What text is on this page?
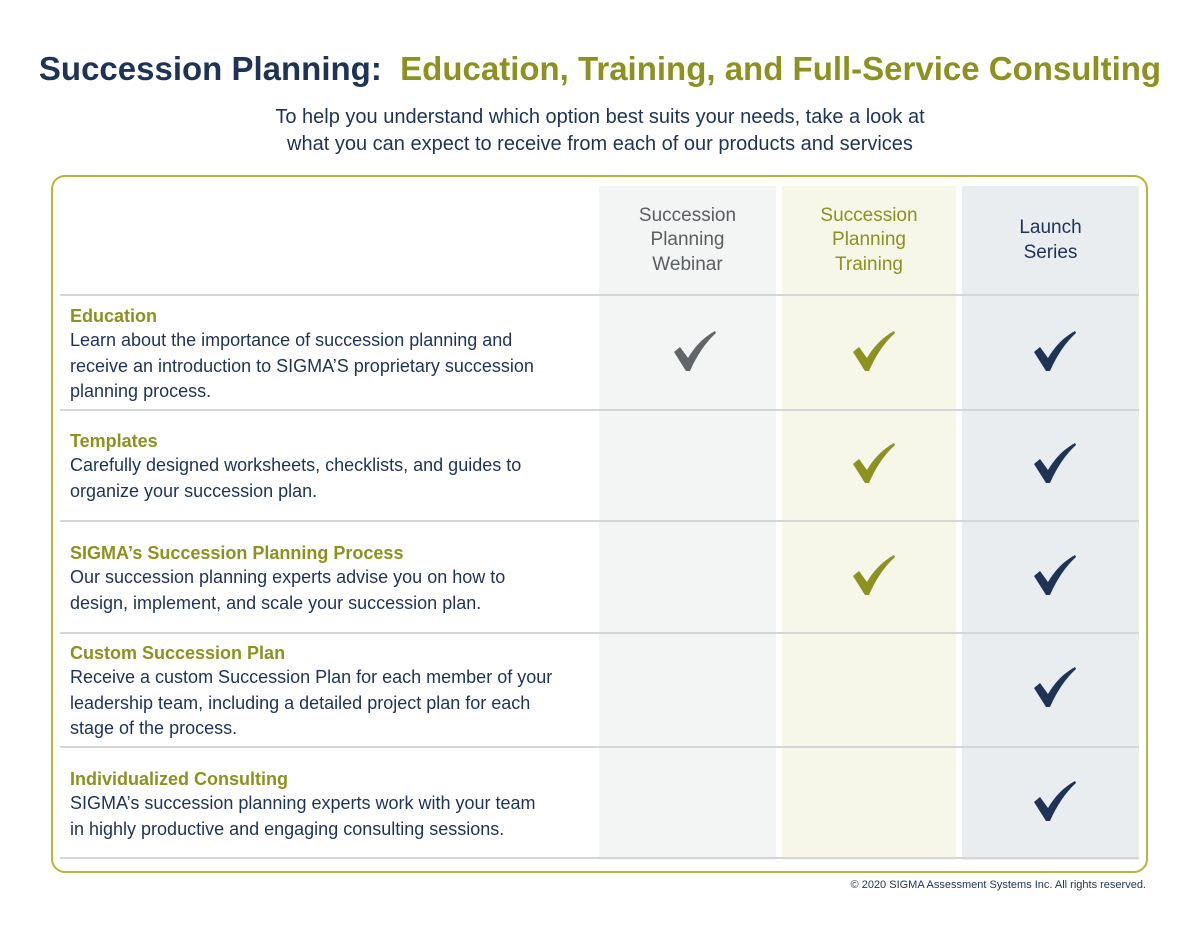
Succession Planning: Education, Training, and Full-Service Consulting
To help you understand which option best suits your needs, take a look at
what you can expect to receive from each of our products and services
Succession
Planning
Webinar
Succession
Planning
Training
Launch
Series
Education
Learn about the importance of succession planning and
receive an introduction to SIGMA’S proprietary succession
planning process.
Templates
Carefully designed worksheets, checklists, and guides to
organize your succession plan.
SIGMA’s Succession Planning Process
Our succession planning experts advise you on how to
design, implement, and scale your succession plan.
Custom Succession Plan
Receive a custom Succession Plan for each member of your
leadership team, including a detailed project plan for each
stage of the process.
Individualized Consulting
SIGMA’s succession planning experts work with your team
in highly productive and engaging consulting sessions.
© 2020 SIGMA Assessment Systems Inc. All rights reserved.
